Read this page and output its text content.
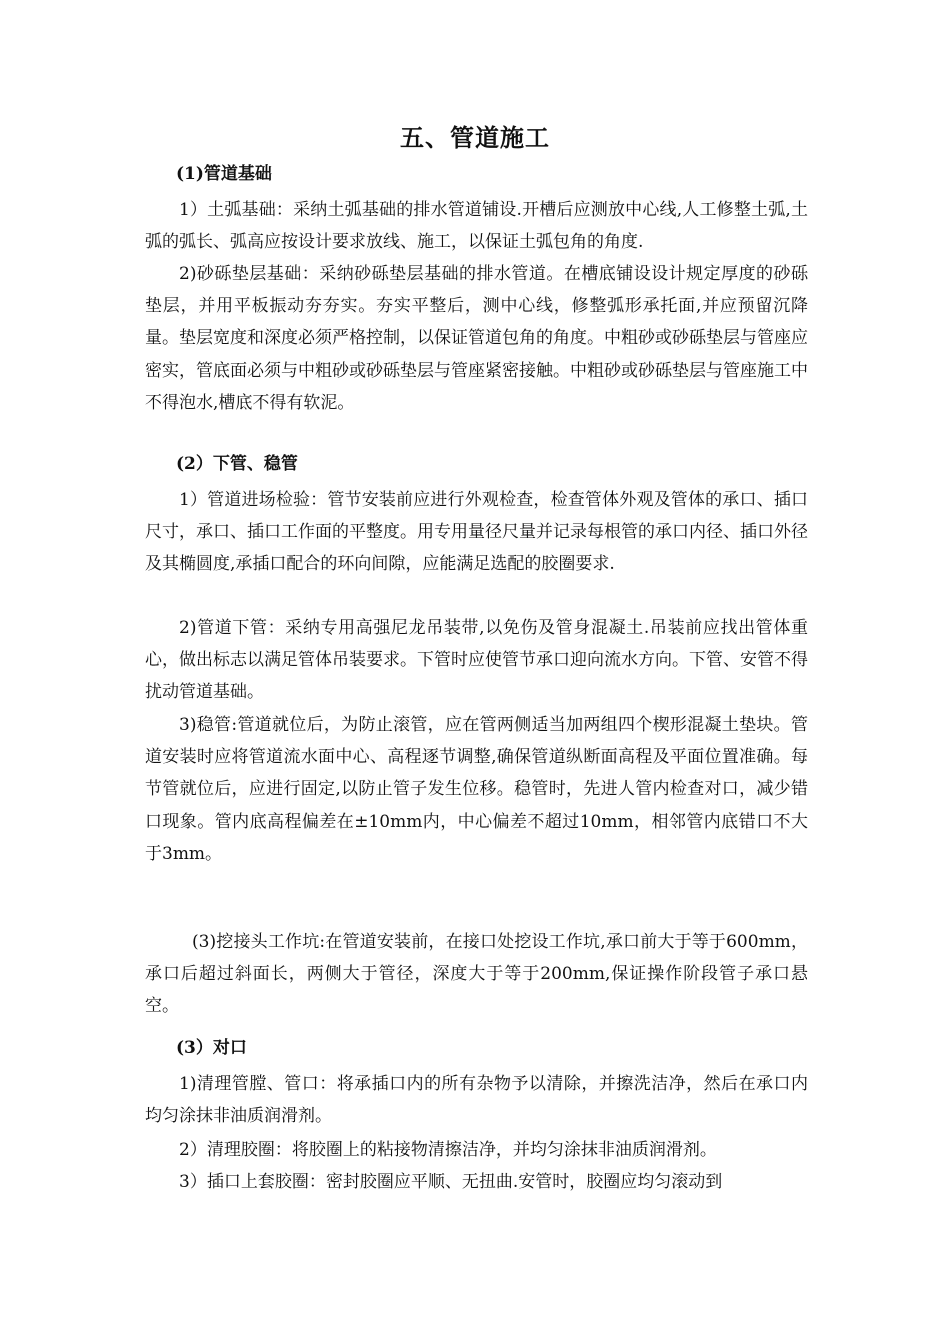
五、管道施工
(1)管道基础
1）土弧基础：采纳土弧基础的排水管道铺设.开槽后应测放中心线,人工修整土弧,土弧的弧长、弧高应按设计要求放线、施工，以保证土弧包角的角度.
2)砂砾垫层基础：采纳砂砾垫层基础的排水管道。在槽底铺设设计规定厚度的砂砾垫层，并用平板振动夯夯实。夯实平整后，测中心线，修整弧形承托面,并应预留沉降量。垫层宽度和深度必须严格控制，以保证管道包角的角度。中粗砂或砂砾垫层与管座应密实，管底面必须与中粗砂或砂砾垫层与管座紧密接触。中粗砂或砂砾垫层与管座施工中不得泡水,槽底不得有软泥。
(2）下管、稳管
1）管道进场检验：管节安装前应进行外观检查，检查管体外观及管体的承口、插口尺寸，承口、插口工作面的平整度。用专用量径尺量并记录每根管的承口内径、插口外径及其椭圆度,承插口配合的环向间隙，应能满足选配的胶圈要求.
2)管道下管：采纳专用高强尼龙吊装带,以免伤及管身混凝土.吊装前应找出管体重心，做出标志以满足管体吊装要求。下管时应使管节承口迎向流水方向。下管、安管不得扰动管道基础。
3)稳管:管道就位后，为防止滚管，应在管两侧适当加两组四个楔形混凝土垫块。管道安装时应将管道流水面中心、高程逐节调整,确保管道纵断面高程及平面位置准确。每节管就位后，应进行固定,以防止管子发生位移。稳管时，先进人管内检查对口，减少错口现象。管内底高程偏差在±10mm内，中心偏差不超过10mm，相邻管内底错口不大于3mm。
(3)挖接头工作坑:在管道安装前，在接口处挖设工作坑,承口前大于等于600mm，承口后超过斜面长，两侧大于管径，深度大于等于200mm,保证操作阶段管子承口悬空。
(3）对口
1)清理管膛、管口：将承插口内的所有杂物予以清除，并擦洗洁净，然后在承口内均匀涂抹非油质润滑剂。
2）清理胶圈：将胶圈上的粘接物清擦洁净，并均匀涂抹非油质润滑剂。
3）插口上套胶圈：密封胶圈应平顺、无扭曲.安管时，胶圈应均匀滚动到
